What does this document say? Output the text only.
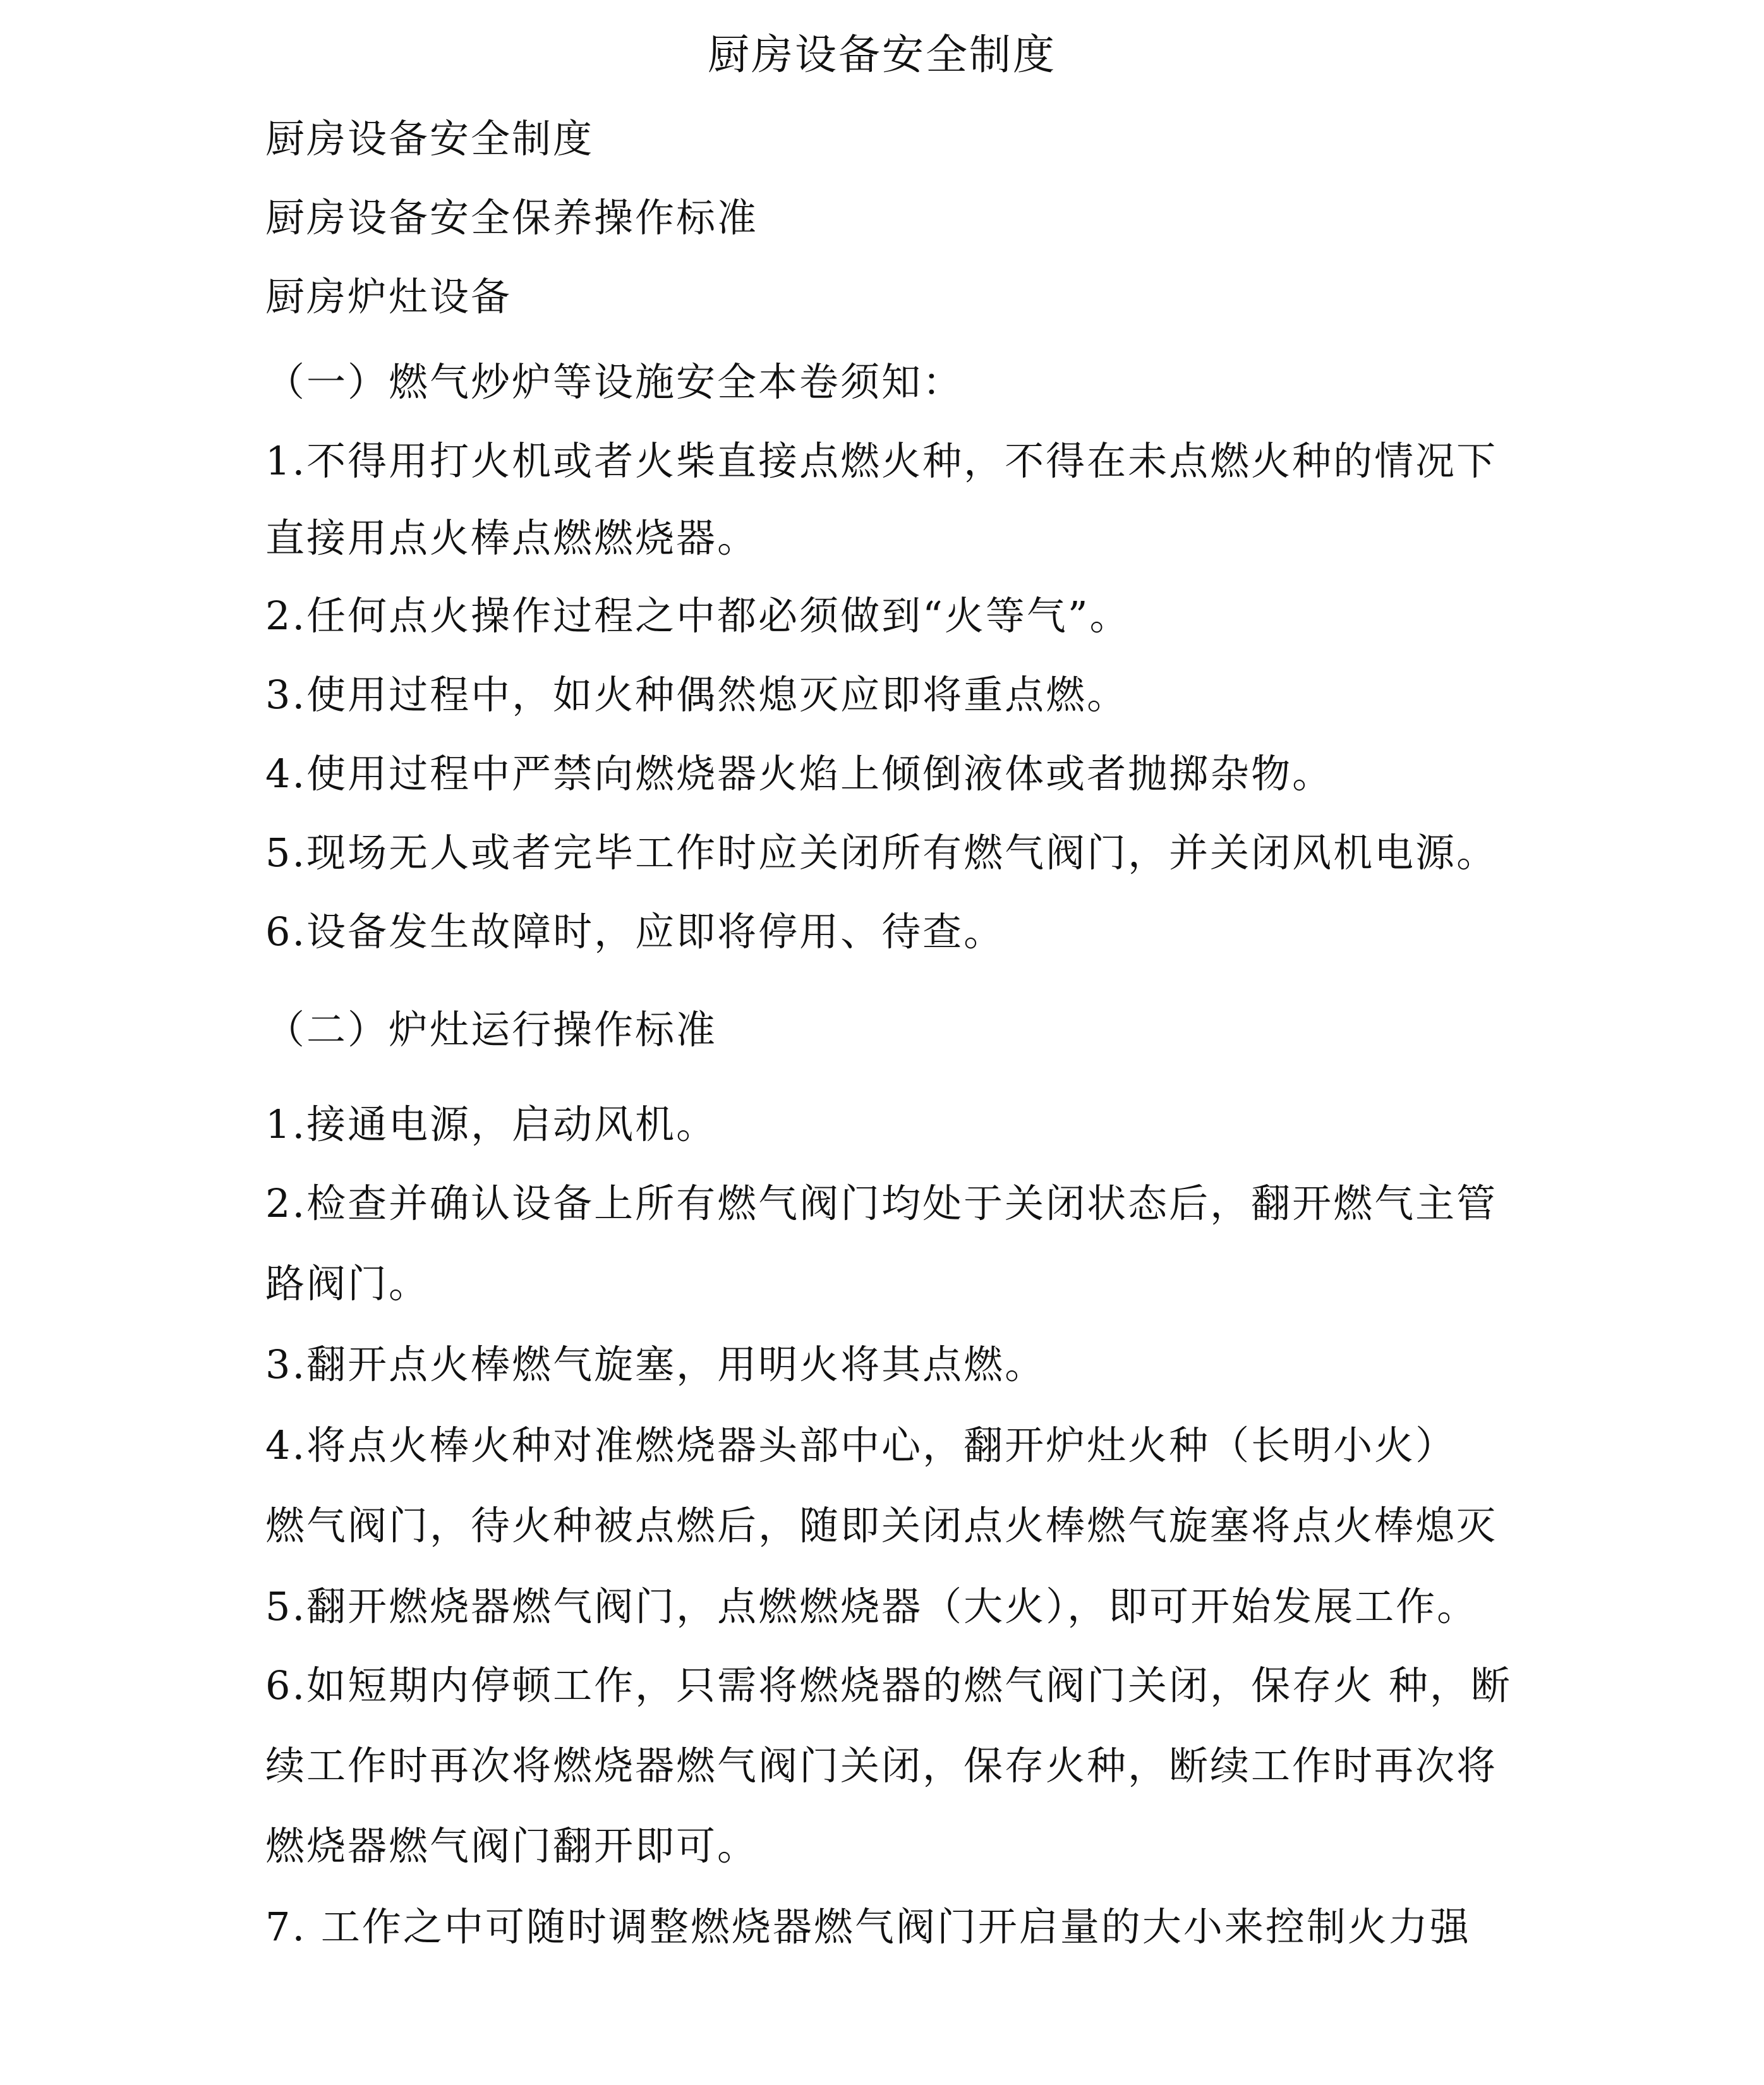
厨房设备安全制度
厨房设备安全制度
厨房设备安全保养操作标准
厨房炉灶设备
（一）燃气炒炉等设施安全本卷须知：
1.不得用打火机或者火柴直接点燃火种，不得在未点燃火种的情况下
直接用点火棒点燃燃烧器。
2.任何点火操作过程之中都必须做到“火等气”。
3.使用过程中，如火种偶然熄灭应即将重点燃。
4.使用过程中严禁向燃烧器火焰上倾倒液体或者抛掷杂物。
5.现场无人或者完毕工作时应关闭所有燃气阀门，并关闭风机电源。
6.设备发生故障时，应即将停用、待查。
（二）炉灶运行操作标准
1.接通电源，启动风机。
2.检查并确认设备上所有燃气阀门均处于关闭状态后，翻开燃气主管
路阀门。
3.翻开点火棒燃气旋塞，用明火将其点燃。
4.将点火棒火种对准燃烧器头部中心，翻开炉灶火种（长明小火）
燃气阀门，待火种被点燃后，随即关闭点火棒燃气旋塞将点火棒熄灭
5.翻开燃烧器燃气阀门，点燃燃烧器（大火），即可开始发展工作。
6.如短期内停顿工作，只需将燃烧器的燃气阀门关闭，保存火 种，断
续工作时再次将燃烧器燃气阀门关闭，保存火种，断续工作时再次将
燃烧器燃气阀门翻开即可。
7. 工作之中可随时调整燃烧器燃气阀门开启量的大小来控制火力强
